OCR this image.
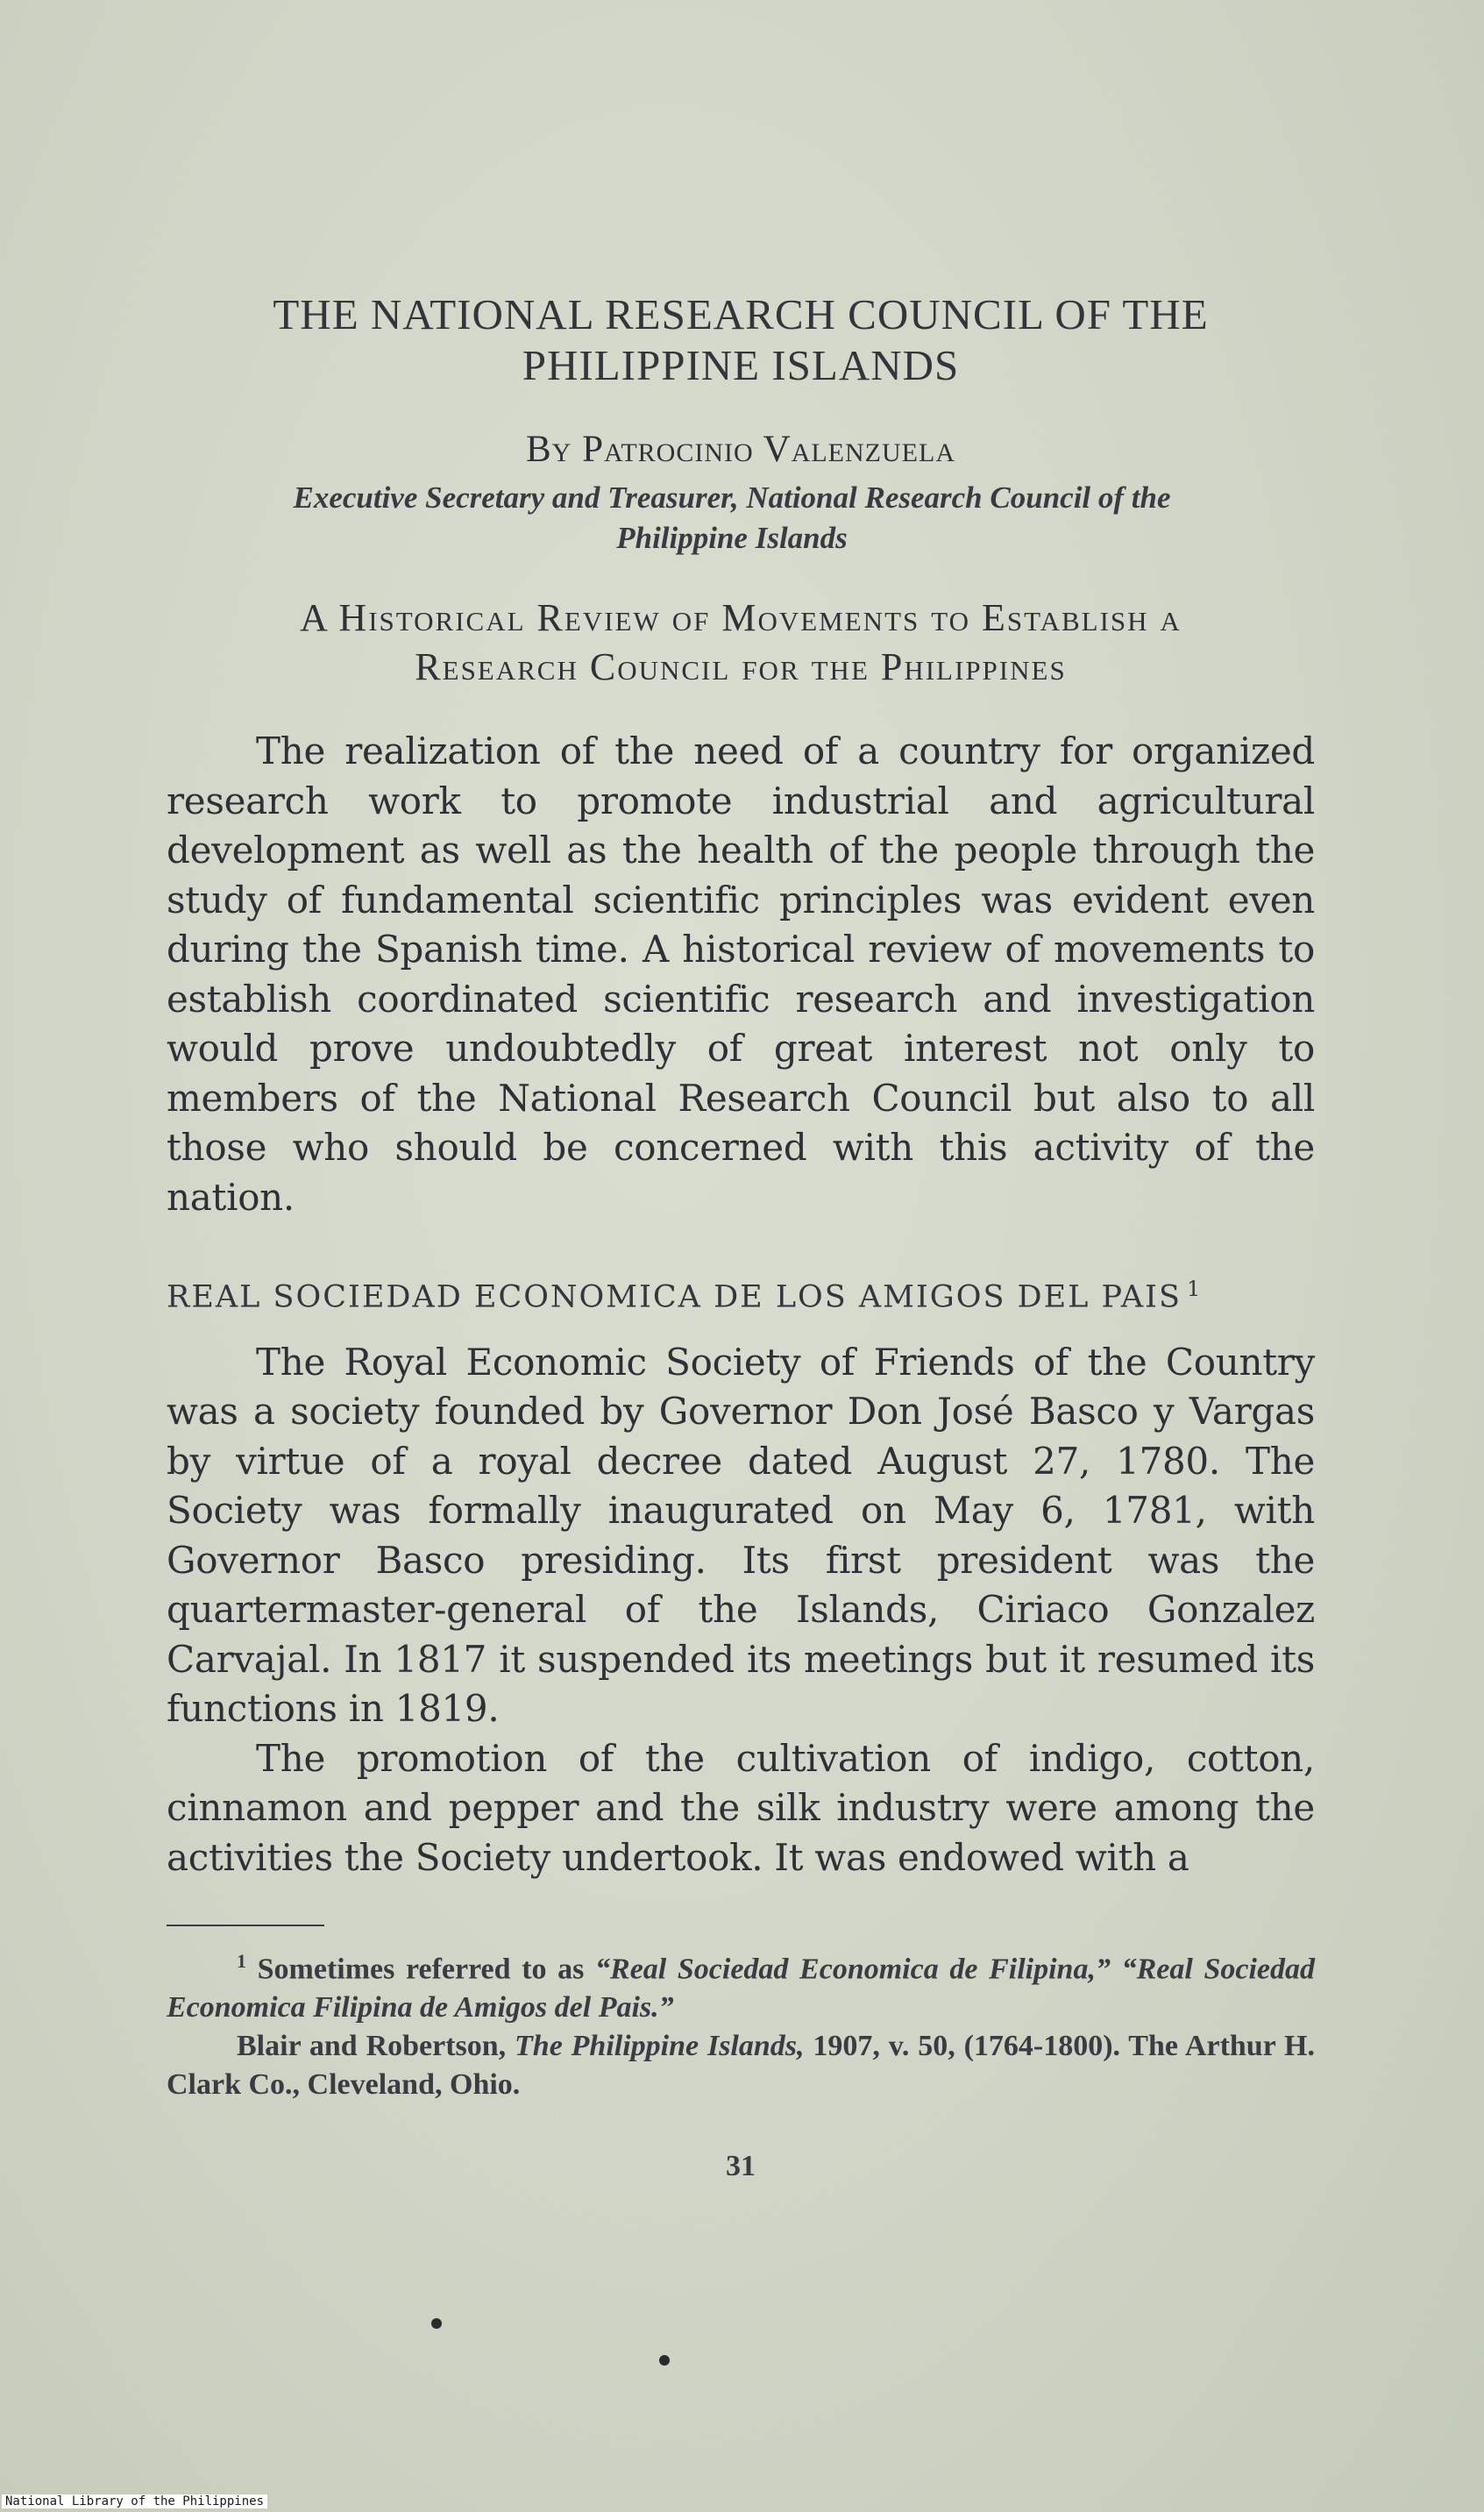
THE NATIONAL RESEARCH COUNCIL OF THE
PHILIPPINE ISLANDS
By Patrocinio Valenzuela
Executive Secretary and Treasurer, National Research Council of the
Philippine Islands
A Historical Review of Movements to Establish a
Research Council for the Philippines

The realization of the need of a country for organized research work to promote industrial and agricultural development as well as the health of the people through the study of fundamental scientific principles was evident even during the Spanish time. A historical review of movements to establish coordinated scientific research and investigation would prove undoubtedly of great interest not only to members of the National Research Council but also to all those who should be concerned with this activity of the nation.

REAL SOCIEDAD ECONOMICA DE LOS AMIGOS DEL PAIS $^1$

The Royal Economic Society of Friends of the Country was a society founded by Governor Don José Basco y Vargas by virtue of a royal decree dated August 27, 1780. The Society was formally inaugurated on May 6, 1781, with Governor Basco presiding. Its first president was the quartermaster-general of the Islands, Ciriaco Gonzalez Carvajal. In 1817 it suspended its meetings but it resumed its functions in 1819.

The promotion of the cultivation of indigo, cotton, cinnamon and pepper and the silk industry were among the activities the Society undertook. It was endowed with a

$^1$ Sometimes referred to as “Real Sociedad Economica de Filipina,” “Real Sociedad Economica Filipina de Amigos del Pais.”

Blair and Robertson, The Philippine Islands, 1907, v. 50, (1764-1800). The Arthur H. Clark Co., Cleveland, Ohio.

31
National Library of the Philippines
